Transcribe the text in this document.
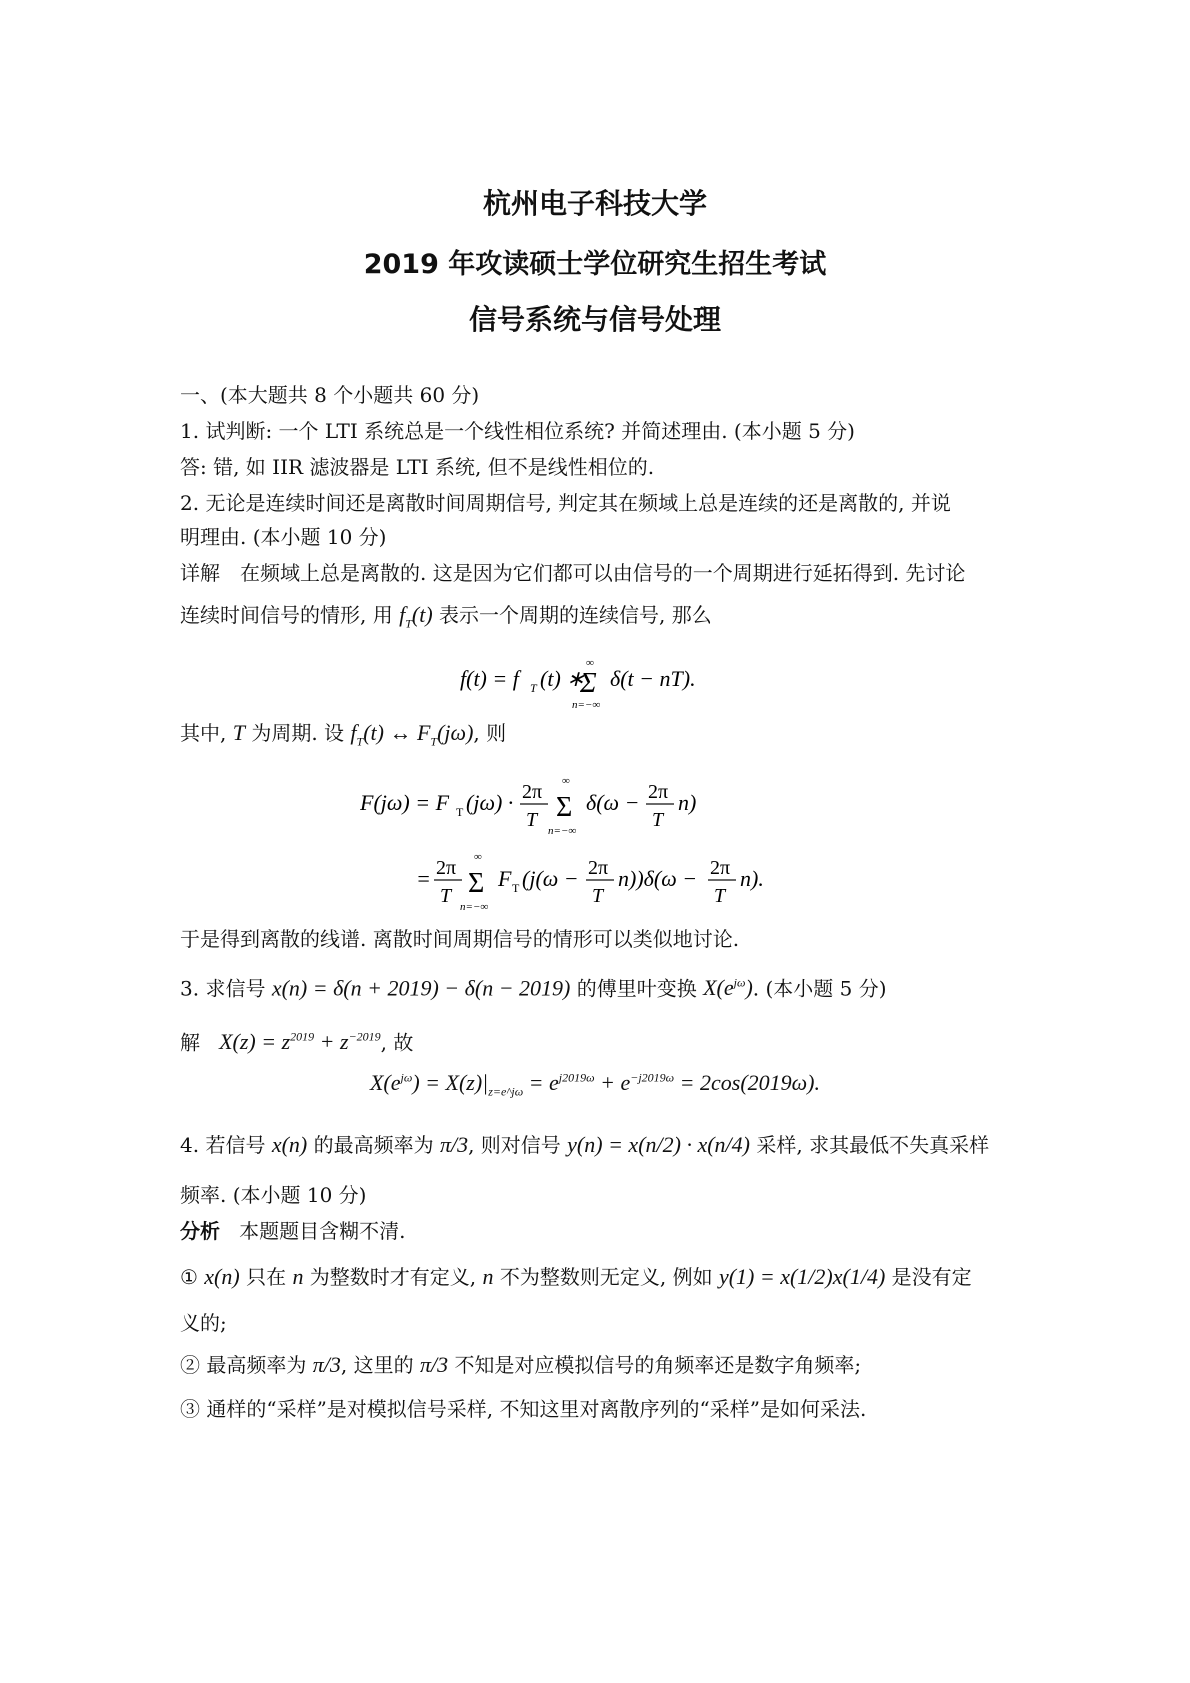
杭州电子科技大学
2019 年攻读硕士学位研究生招生考试
信号系统与信号处理
一、(本大题共 8 个小题共 60 分)
1. 试判断: 一个 LTI 系统总是一个线性相位系统? 并简述理由. (本小题 5 分)
答: 错, 如 IIR 滤波器是 LTI 系统, 但不是线性相位的.
2. 无论是连续时间还是离散时间周期信号, 判定其在频域上总是连续的还是离散的, 并说
明理由. (本小题 10 分)
详解　在频域上总是离散的. 这是因为它们都可以由信号的一个周期进行延拓得到. 先讨论
连续时间信号的情形, 用 $f_T(t)$ 表示一个周期的连续信号, 那么
f(t) = f T (t) ∗
∞
Σ
n=−∞
δ(t − nT).
其中, T 为周期. 设 $f_T(t)$ ↔ $F_T(j\omega)$, 则
F(jω) = F T (jω) · 2π
T
∞
Σ
n=−∞
δ(ω − 2π
T
n)
= 2π
T
∞
Σ
n=−∞
F T (j(ω − 2π
T
n))δ(ω − 2π
T
n).
于是得到离散的线谱. 离散时间周期信号的情形可以类似地讨论.
3. 求信号 x(n) = δ(n + 2019) − δ(n − 2019) 的傅里叶变换 $X(e^{j\omega})$. (本小题 5 分)
解 $X(z) = z^{2019} + z^{-2019}$, 故
$X(e^{j\omega}) = X(z)|_{z=e\^{}j\omega} = e^{j2019\omega} + e^{-j2019\omega} = 2\cos(2019\omega)$.
4. 若信号 x(n) 的最高频率为 π/3, 则对信号 y(n) = x(n/2) · x(n/4) 采样, 求其最低不失真采样
频率. (本小题 10 分)
分析 本题题目含糊不清.
① x(n) 只在 n 为整数时才有定义, n 不为整数则无定义, 例如 y(1) = x(1/2)x(1/4) 是没有定
义的;
② 最高频率为 π/3, 这里的 π/3 不知是对应模拟信号的角频率还是数字角频率;
③ 通样的“采样”是对模拟信号采样, 不知这里对离散序列的“采样”是如何采法.
